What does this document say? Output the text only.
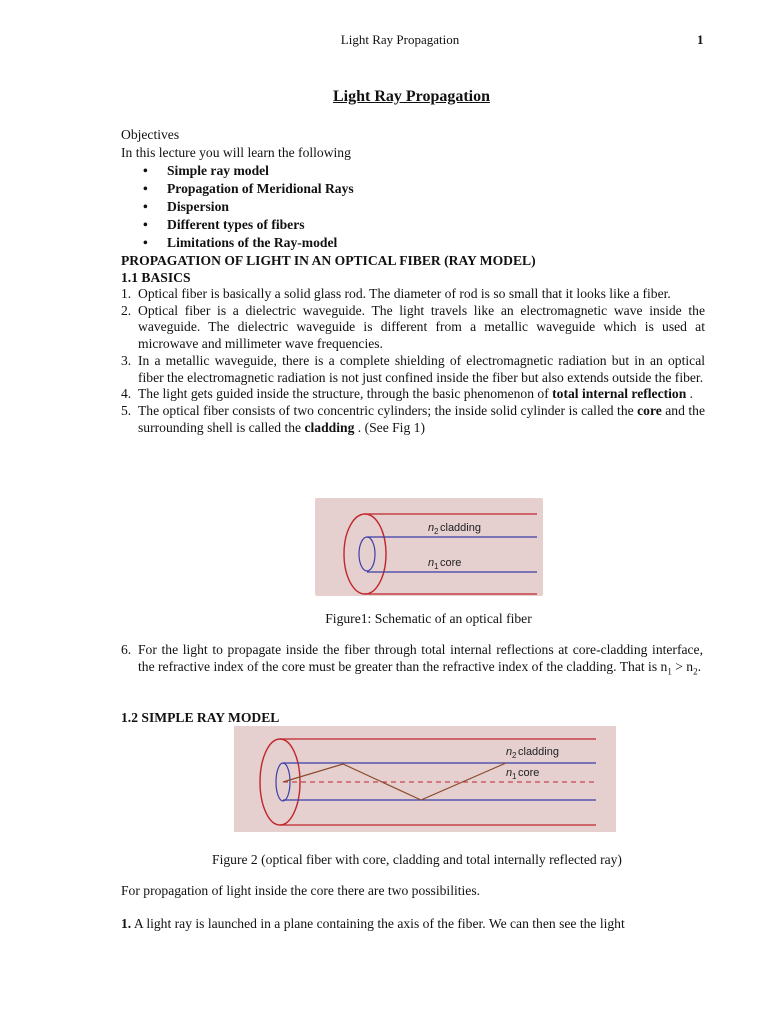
Light Ray Propagation	1
Light Ray Propagation

Objectives

In this lecture you will learn the following

• Simple ray model
• Propagation of Meridional Rays
• Dispersion
• Different types of fibers
• Limitations of the Ray-model

PROPAGATION OF LIGHT IN AN OPTICAL FIBER (RAY MODEL)

1.1 BASICS

1. Optical fiber is basically a solid glass rod. The diameter of rod is so small that it looks like a fiber.
2. Optical fiber is a dielectric waveguide. The light travels like an electromagnetic wave inside the waveguide. The dielectric waveguide is different from a metallic waveguide which is used at microwave and millimeter wave frequencies.
3. In a metallic waveguide, there is a complete shielding of electromagnetic radiation but in an optical fiber the electromagnetic radiation is not just confined inside the fiber but also extends outside the fiber.
4. The light gets guided inside the structure, through the basic phenomenon of total internal reflection .
5. The optical fiber consists of two concentric cylinders; the inside solid cylinder is called the core and the surrounding shell is called the cladding . (See Fig 1)
n 2 cladding
n 1 core
Figure1: Schematic of an optical fiber
6. For the light to propagate inside the fiber through total internal reflections at core-cladding interface, the refractive index of the core must be greater than the refractive index of the cladding. That is $n_1 > n_2$.
1.2 SIMPLE RAY MODEL
n 2 cladding
n 1 core
Figure 2 (optical fiber with core, cladding and total internally reflected ray)
For propagation of light inside the core there are two possibilities.
1. A light ray is launched in a plane containing the axis of the fiber. We can then see the light
